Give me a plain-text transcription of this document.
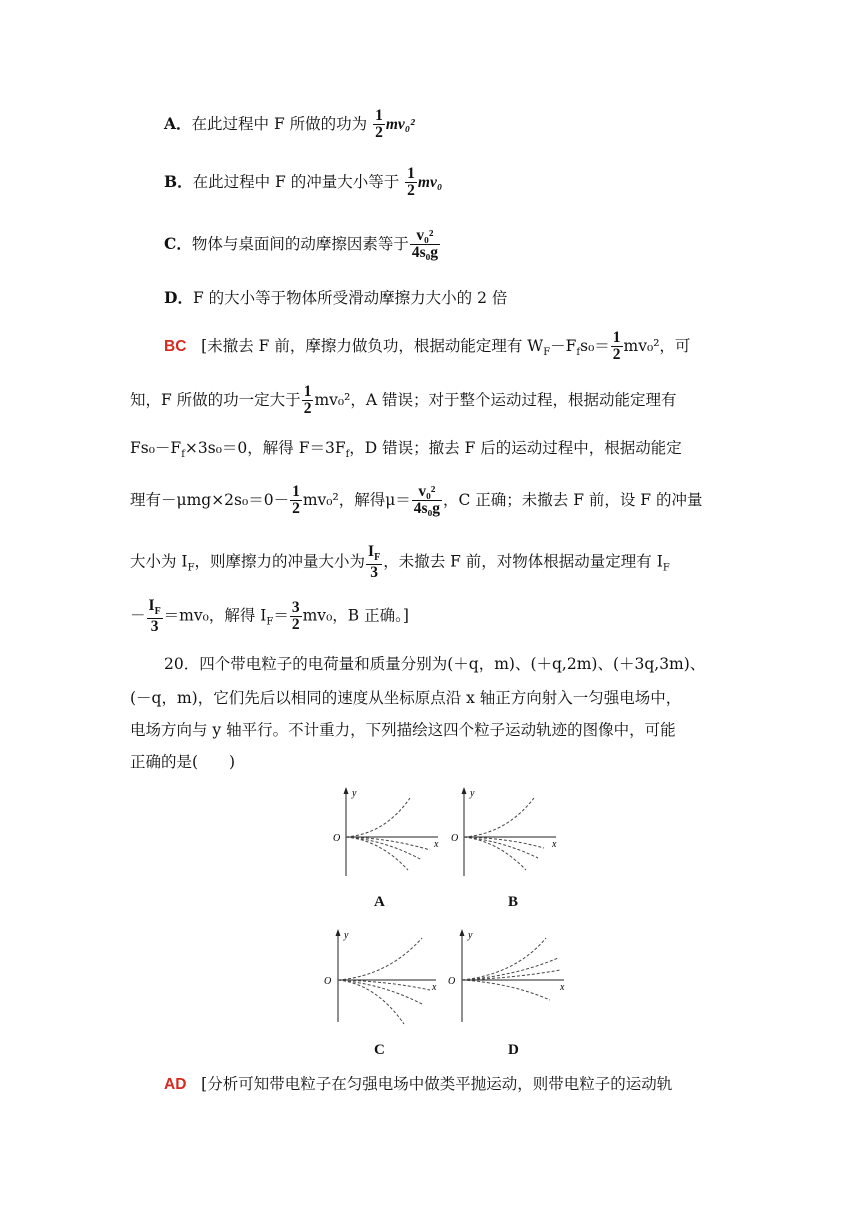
A．在此过程中 F 所做的功为 $\frac{1}{2} mv_0^2$
B．在此过程中 F 的冲量大小等于 $\frac{1}{2} mv_0$
C．物体与桌面间的动摩擦因素等于 $\frac{\text{v₀²}}{\text{4s₀g}}$
D．F 的大小等于物体所受滑动摩擦力大小的 2 倍
BC [未撤去 F 前，摩擦力做负功，根据动能定理有 $W_F-F_fs_0= \frac{1}{2} mv_0^2$，可
知，F 所做的功一定大于 $\frac{1}{2} mv_0^2$，A 错误；对于整个运动过程，根据动能定理有
$Fs_0-F_f\times 3s_0=0$，解得 $F=3F_f$，D 错误；撤去 F 后的运动过程中，根据动能定
理有$-\mu mg\times 2s_0=0- \frac{1}{2} mv_0^2$，解得$\mu= \frac{\text{v₀²}}{\text{4s₀g}}$ ，C 正确；未撤去 F 前，设 F 的冲量
大小为 $I_F$，则摩擦力的冲量大小为 $\frac{I_F}{3}$ ，未撤去 F 前，对物体根据动量定理有 $I_F$
－ $\frac{I_F}{3} =mv_0$，解得 $I_F= \frac{3}{2} mv_0$，B 正确。]
20．四个带电粒子的电荷量和质量分别为(＋q，m)、(＋q,2m)、(＋3q,3m)、
(－q，m)，它们先后以相同的速度从坐标原点沿 x 轴正方向射入一匀强电场中，
电场方向与 y 轴平行。不计重力，下列描绘这四个粒子运动轨迹的图像中，可能
正确的是(　　)
y
x
O
A
y
x
O
B
y
x
O
C
y
x
O
D
AD [分析可知带电粒子在匀强电场中做类平抛运动，则带电粒子的运动轨
